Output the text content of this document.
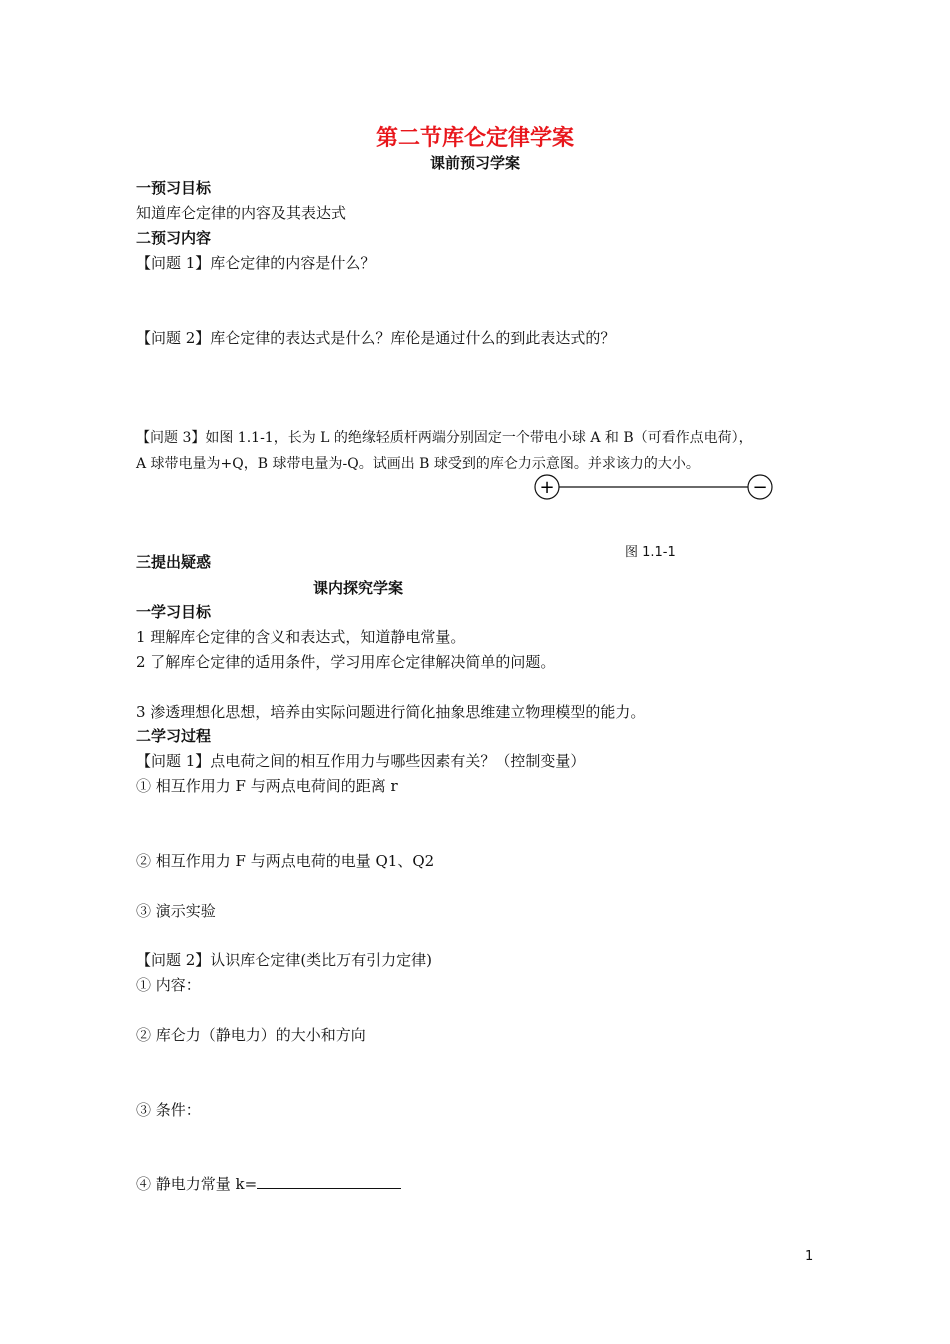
第二节库仑定律学案
课前预习学案
一预习目标
知道库仑定律的内容及其表达式
二预习内容
【问题 1】库仑定律的内容是什么？
【问题 2】库仑定律的表达式是什么？库伦是通过什么的到此表达式的？
【问题 3】如图 1.1-1，长为 L 的绝缘轻质杆两端分别固定一个带电小球 A 和 B（可看作点电荷），
A 球带电量为+Q，B 球带电量为-Q。试画出 B 球受到的库仑力示意图。并求该力的大小。
+	−
图 1.1-1
三提出疑惑
课内探究学案
一学习目标
1 理解库仑定律的含义和表达式，知道静电常量。
2 了解库仑定律的适用条件，学习用库仑定律解决简单的问题。
3 渗透理想化思想，培养由实际问题进行简化抽象思维建立物理模型的能力。
二学习过程
【问题 1】点电荷之间的相互作用力与哪些因素有关？（控制变量）
① 相互作用力 F 与两点电荷间的距离 r
② 相互作用力 F 与两点电荷的电量 Q1、Q2
③ 演示实验
【问题 2】认识库仑定律(类比万有引力定律)
① 内容：
② 库仑力（静电力）的大小和方向
③ 条件：
④ 静电力常量 k=
1
